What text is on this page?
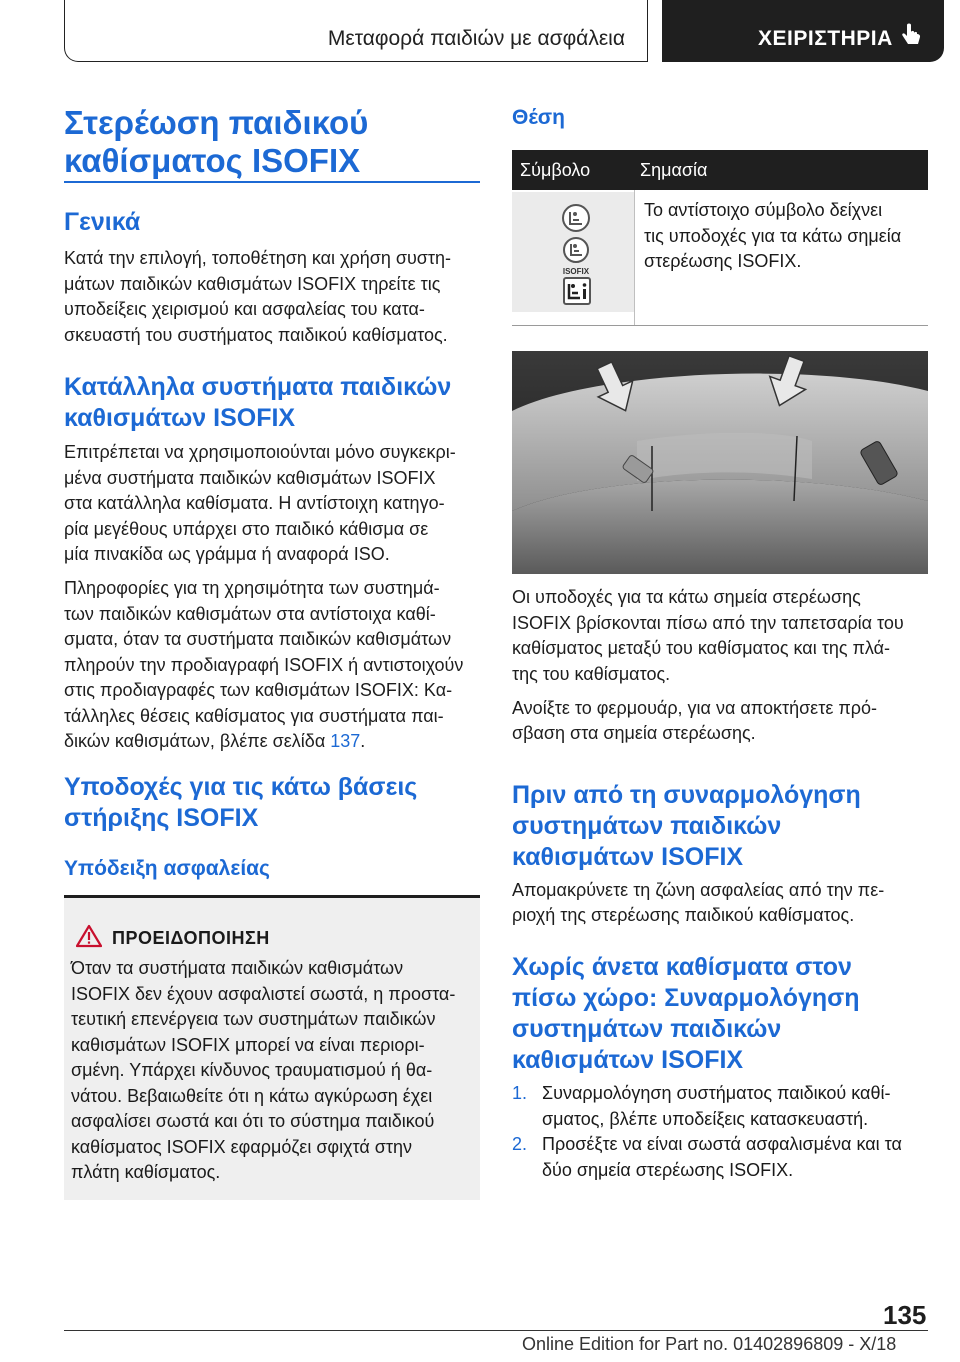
Μεταφορά παιδιών με ασφάλεια	ΧΕΙΡΙΣΤΗΡΙΑ
Στερέωση παιδικού
καθίσματος ISOFIX
Γενικά
Κατά την επιλογή, τοποθέτηση και χρήση συστη‐
μάτων παιδικών καθισμάτων ISOFIX τηρείτε τις
υποδείξεις χειρισμού και ασφαλείας του κατα‐
σκευαστή του συστήματος παιδικού καθίσματος.
Κατάλληλα συστήματα παιδικών
καθισμάτων ISOFIX
Επιτρέπεται να χρησιμοποιούνται μόνο συγκεκρι‐
μένα συστήματα παιδικών καθισμάτων ISOFIX
στα κατάλληλα καθίσματα. Η αντίστοιχη κατηγο‐
ρία μεγέθους υπάρχει στο παιδικό κάθισμα σε
μία πινακίδα ως γράμμα ή αναφορά ISO.
Πληροφορίες για τη χρησιμότητα των συστημά‐
των παιδικών καθισμάτων στα αντίστοιχα καθί‐
σματα, όταν τα συστήματα παιδικών καθισμάτων
πληρούν την προδιαγραφή ISOFIX ή αντιστοιχούν
στις προδιαγραφές των καθισμάτων ISOFIX: Κα‐
τάλληλες θέσεις καθίσματος για συστήματα παι‐
δικών καθισμάτων, βλέπε σελίδα 137.
Υποδοχές για τις κάτω βάσεις
στήριξης ISOFIX
Υπόδειξη ασφαλείας
ΠΡΟΕΙΔΟΠΟΙΗΣΗ
Όταν τα συστήματα παιδικών καθισμάτων
ISOFIX δεν έχουν ασφαλιστεί σωστά, η προστα‐
τευτική επενέργεια των συστημάτων παιδικών
καθισμάτων ISOFIX μπορεί να είναι περιορι‐
σμένη. Υπάρχει κίνδυνος τραυματισμού ή θα‐
νάτου. Βεβαιωθείτε ότι η κάτω αγκύρωση έχει
ασφαλίσει σωστά και ότι το σύστημα παιδικού
καθίσματος ISOFIX εφαρμόζει σφιχτά στην
πλάτη καθίσματος.
Θέση
Σύμβολο	Σημασία
ISOFIX
Το αντίστοιχο σύμβολο δείχνει
τις υποδοχές για τα κάτω σημεία
στερέωσης ISOFIX.
Οι υποδοχές για τα κάτω σημεία στερέωσης
ISOFIX βρίσκονται πίσω από την ταπετσαρία του
καθίσματος μεταξύ του καθίσματος και της πλά‐
της του καθίσματος.
Ανοίξτε το φερμουάρ, για να αποκτήσετε πρό‐
σβαση στα σημεία στερέωσης.
Πριν από τη συναρμολόγηση
συστημάτων παιδικών
καθισμάτων ISOFIX
Απομακρύνετε τη ζώνη ασφαλείας από την πε‐
ριοχή της στερέωσης παιδικού καθίσματος.
Χωρίς άνετα καθίσματα στον
πίσω χώρο: Συναρμολόγηση
συστημάτων παιδικών
καθισμάτων ISOFIX
1. Συναρμολόγηση συστήματος παιδικού καθί‐
σματος, βλέπε υποδείξεις κατασκευαστή.
2. Προσέξτε να είναι σωστά ασφαλισμένα και τα
δύο σημεία στερέωσης ISOFIX.
135
Online Edition for Part no. 01402896809 - X/18
